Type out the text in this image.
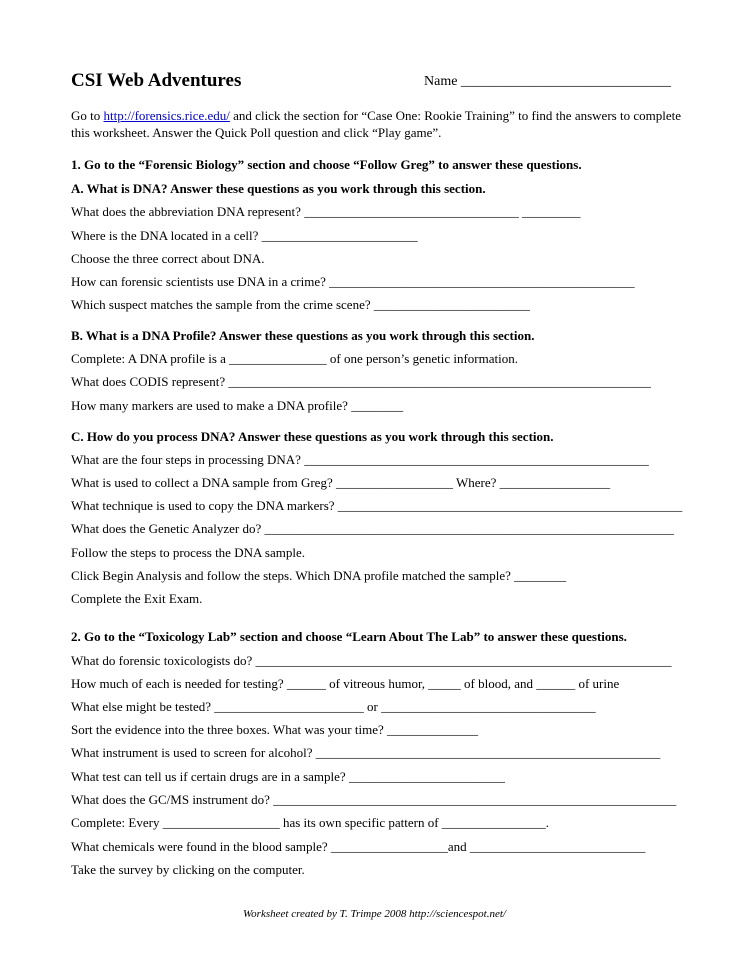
CSI Web Adventures	Name ______________________________
Go to http://forensics.rice.edu/ and click the section for “Case One: Rookie Training” to find the answers to complete this worksheet. Answer the Quick Poll question and click “Play game”.
1. Go to the “Forensic Biology” section and choose “Follow Greg” to answer these questions.
A. What is DNA? Answer these questions as you work through this section.
What does the abbreviation DNA represent? _________________________________ _________
Where is the DNA located in a cell? ________________________
Choose the three correct about DNA.
How can forensic scientists use DNA in a crime? _______________________________________________
Which suspect matches the sample from the crime scene? ________________________
B. What is a DNA Profile? Answer these questions as you work through this section.
Complete: A DNA profile is a _______________ of one person’s genetic information.
What does CODIS represent? _________________________________________________________________
How many markers are used to make a DNA profile? ________
C. How do you process DNA? Answer these questions as you work through this section.
What are the four steps in processing DNA? _____________________________________________________
What is used to collect a DNA sample from Greg? __________________ Where? _________________
What technique is used to copy the DNA markers? _____________________________________________________
What does the Genetic Analyzer do? _______________________________________________________________
Follow the steps to process the DNA sample.
Click Begin Analysis and follow the steps. Which DNA profile matched the sample? ________
Complete the Exit Exam.
2. Go to the “Toxicology Lab” section and choose “Learn About The Lab” to answer these questions.
What do forensic toxicologists do? ________________________________________________________________
How much of each is needed for testing? ______ of vitreous humor, _____ of blood, and ______ of urine
What else might be tested? _______________________ or _________________________________
Sort the evidence into the three boxes. What was your time? ______________
What instrument is used to screen for alcohol? _____________________________________________________
What test can tell us if certain drugs are in a sample? ________________________
What does the GC/MS instrument do? ______________________________________________________________
Complete: Every __________________ has its own specific pattern of ________________.
What chemicals were found in the blood sample? __________________and ___________________________
Take the survey by clicking on the computer.
Worksheet created by T. Trimpe 2008 http://sciencespot.net/
